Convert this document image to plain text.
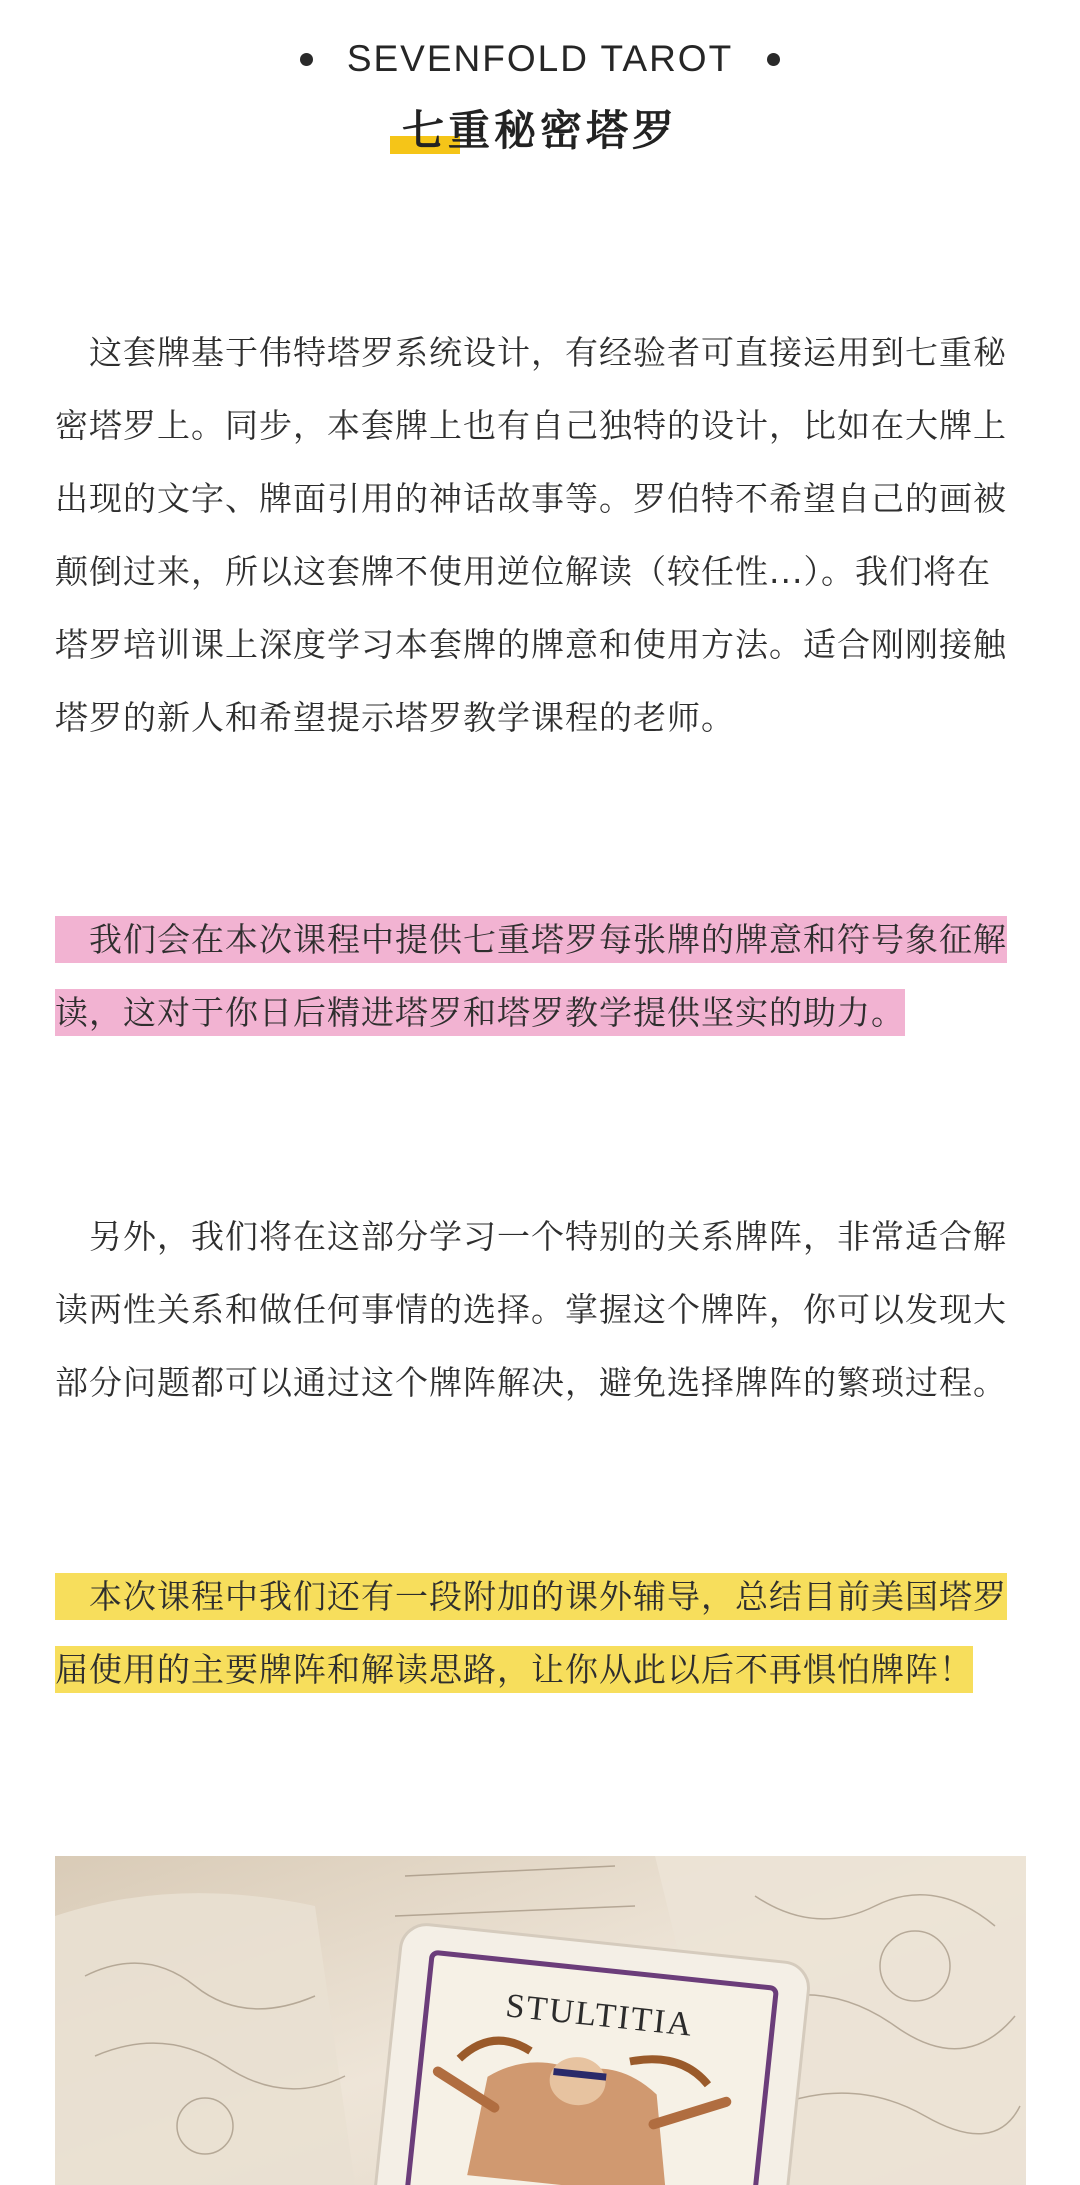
SEVENFOLD TAROT
七重秘密塔罗

　这套牌基于伟特塔罗系统设计，有经验者可直接运用到七重秘密塔罗上。同步，本套牌上也有自己独特的设计，比如在大牌上出现的文字、牌面引用的神话故事等。罗伯特不希望自己的画被颠倒过来，所以这套牌不使用逆位解读（较任性...）。我们将在塔罗培训课上深度学习本套牌的牌意和使用方法。适合刚刚接触塔罗的新人和希望提示塔罗教学课程的老师。

　我们会在本次课程中提供七重塔罗每张牌的牌意和符号象征解读，这对于你日后精进塔罗和塔罗教学提供坚实的助力。

　另外，我们将在这部分学习一个特别的关系牌阵，非常适合解读两性关系和做任何事情的选择。掌握这个牌阵，你可以发现大部分问题都可以通过这个牌阵解决，避免选择牌阵的繁琐过程。

　本次课程中我们还有一段附加的课外辅导，总结目前美国塔罗届使用的主要牌阵和解读思路，让你从此以后不再惧怕牌阵！

STULTITIA
